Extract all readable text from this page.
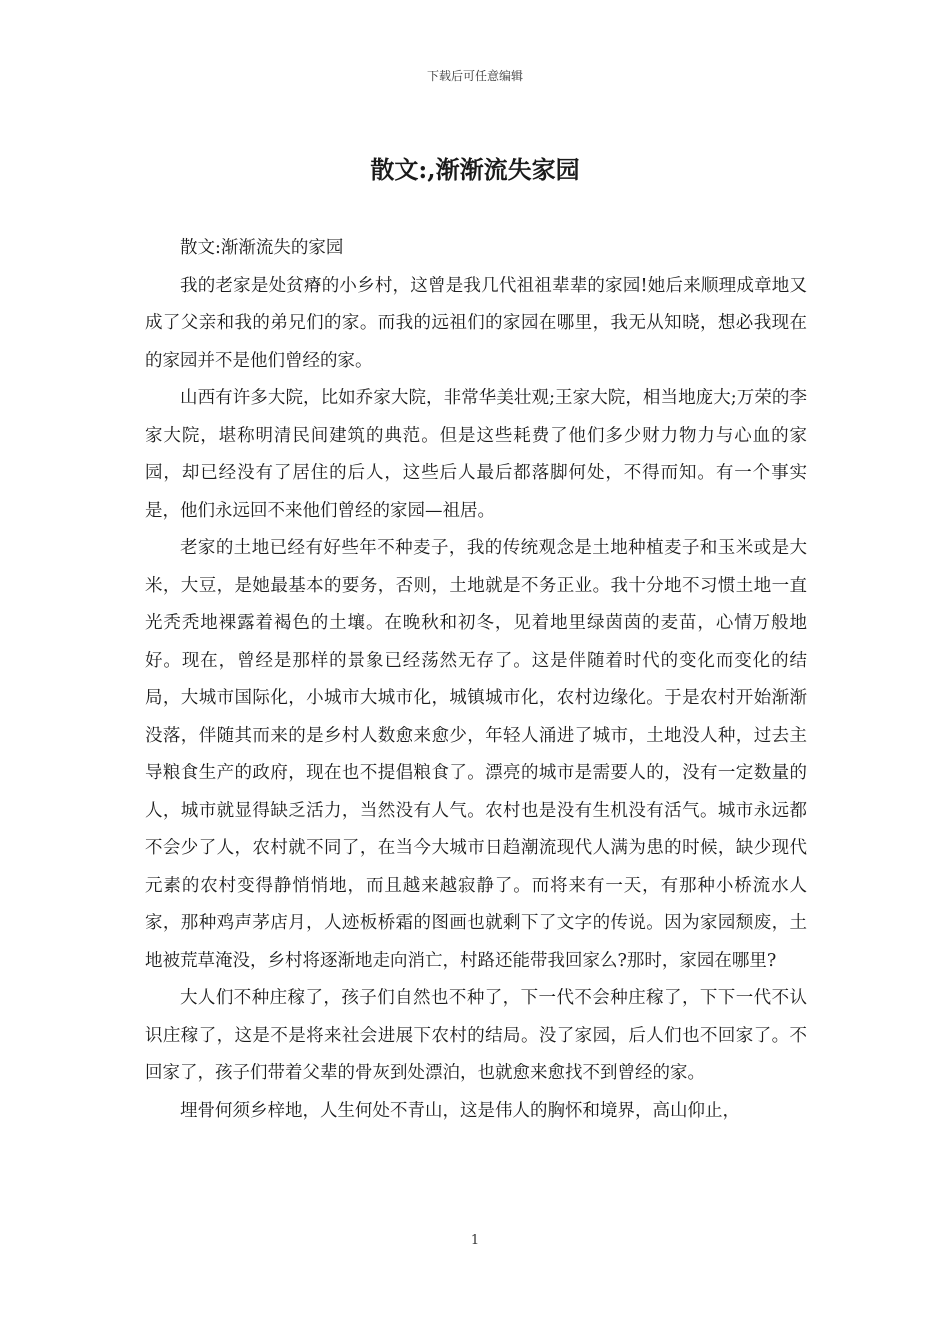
下载后可任意编辑
散文:,渐渐流失家园

散文:渐渐流失的家园

我的老家是处贫瘠的小乡村，这曾是我几代祖祖辈辈的家园!她后来顺理成章地又成了父亲和我的弟兄们的家。而我的远祖们的家园在哪里，我无从知晓，想必我现在的家园并不是他们曾经的家。

山西有许多大院，比如乔家大院，非常华美壮观;王家大院，相当地庞大;万荣的李家大院，堪称明清民间建筑的典范。但是这些耗费了他们多少财力物力与心血的家园，却已经没有了居住的后人，这些后人最后都落脚何处，不得而知。有一个事实是，他们永远回不来他们曾经的家园—祖居。

老家的土地已经有好些年不种麦子，我的传统观念是土地种植麦子和玉米或是大米，大豆，是她最基本的要务，否则，土地就是不务正业。我十分地不习惯土地一直光秃秃地裸露着褐色的土壤。在晚秋和初冬，见着地里绿茵茵的麦苗，心情万般地好。现在，曾经是那样的景象已经荡然无存了。这是伴随着时代的变化而变化的结局，大城市国际化，小城市大城市化，城镇城市化，农村边缘化。于是农村开始渐渐没落，伴随其而来的是乡村人数愈来愈少，年轻人涌进了城市，土地没人种，过去主导粮食生产的政府，现在也不提倡粮食了。漂亮的城市是需要人的，没有一定数量的人，城市就显得缺乏活力，当然没有人气。农村也是没有生机没有活气。城市永远都不会少了人，农村就不同了，在当今大城市日趋潮流现代人满为患的时候，缺少现代元素的农村变得静悄悄地，而且越来越寂静了。而将来有一天，有那种小桥流水人家，那种鸡声茅店月，人迹板桥霜的图画也就剩下了文字的传说。因为家园颓废，土地被荒草淹没，乡村将逐渐地走向消亡，村路还能带我回家么?那时，家园在哪里?

大人们不种庄稼了，孩子们自然也不种了，下一代不会种庄稼了，下下一代不认识庄稼了，这是不是将来社会进展下农村的结局。没了家园，后人们也不回家了。不回家了，孩子们带着父辈的骨灰到处漂泊，也就愈来愈找不到曾经的家。

埋骨何须乡梓地，人生何处不青山，这是伟人的胸怀和境界，高山仰止，

1
